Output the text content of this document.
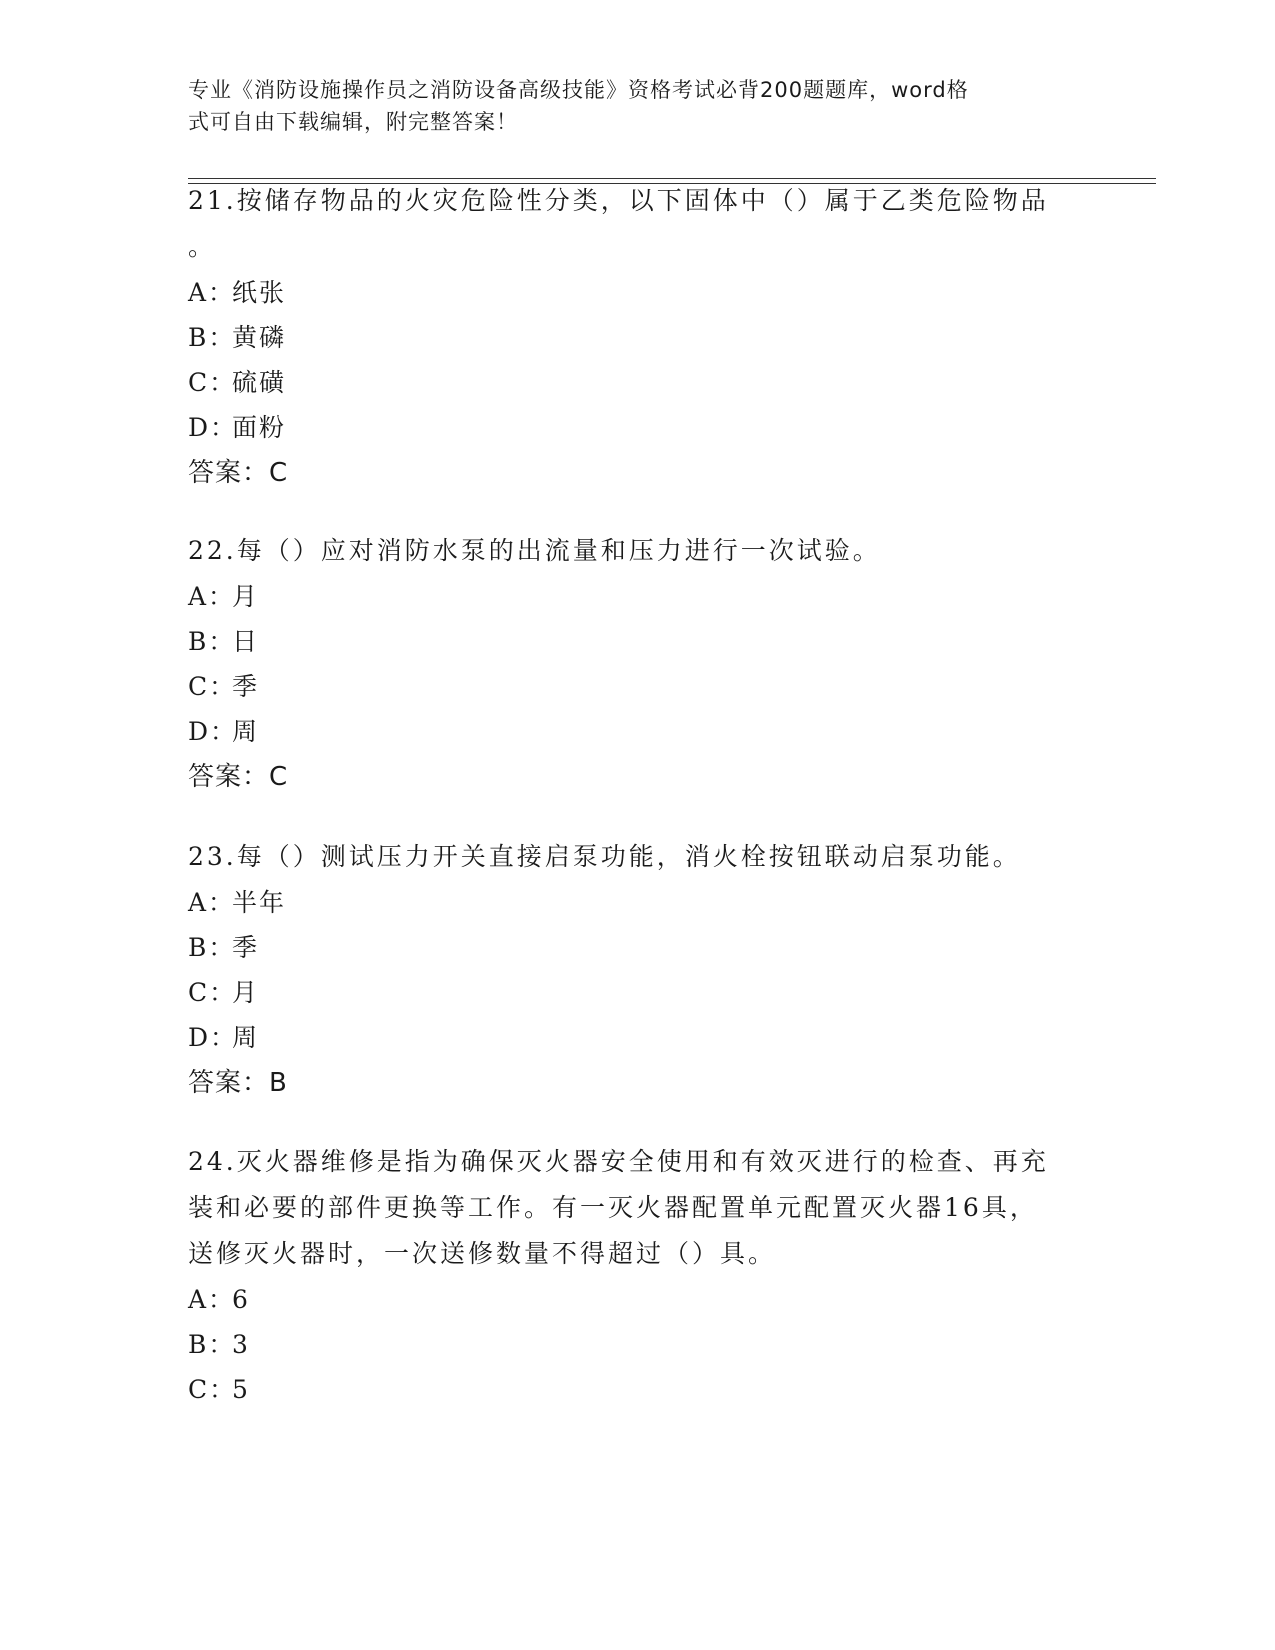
专业《消防设施操作员之消防设备高级技能》资格考试必背200题题库，word格
式可自由下载编辑，附完整答案！

21.按储存物品的火灾危险性分类，以下固体中（）属于乙类危险物品

。

A：纸张

B：黄磷

C：硫磺

D：面粉

答案：C

22.每（）应对消防水泵的出流量和压力进行一次试验。

A：月

B：日

C：季

D：周

答案：C

23.每（）测试压力开关直接启泵功能，消火栓按钮联动启泵功能。

A：半年

B：季

C：月

D：周

答案：B

24.灭火器维修是指为确保灭火器安全使用和有效灭进行的检查、再充

装和必要的部件更换等工作。有一灭火器配置单元配置灭火器16具，

送修灭火器时，一次送修数量不得超过（）具。

A：6

B：3

C：5
